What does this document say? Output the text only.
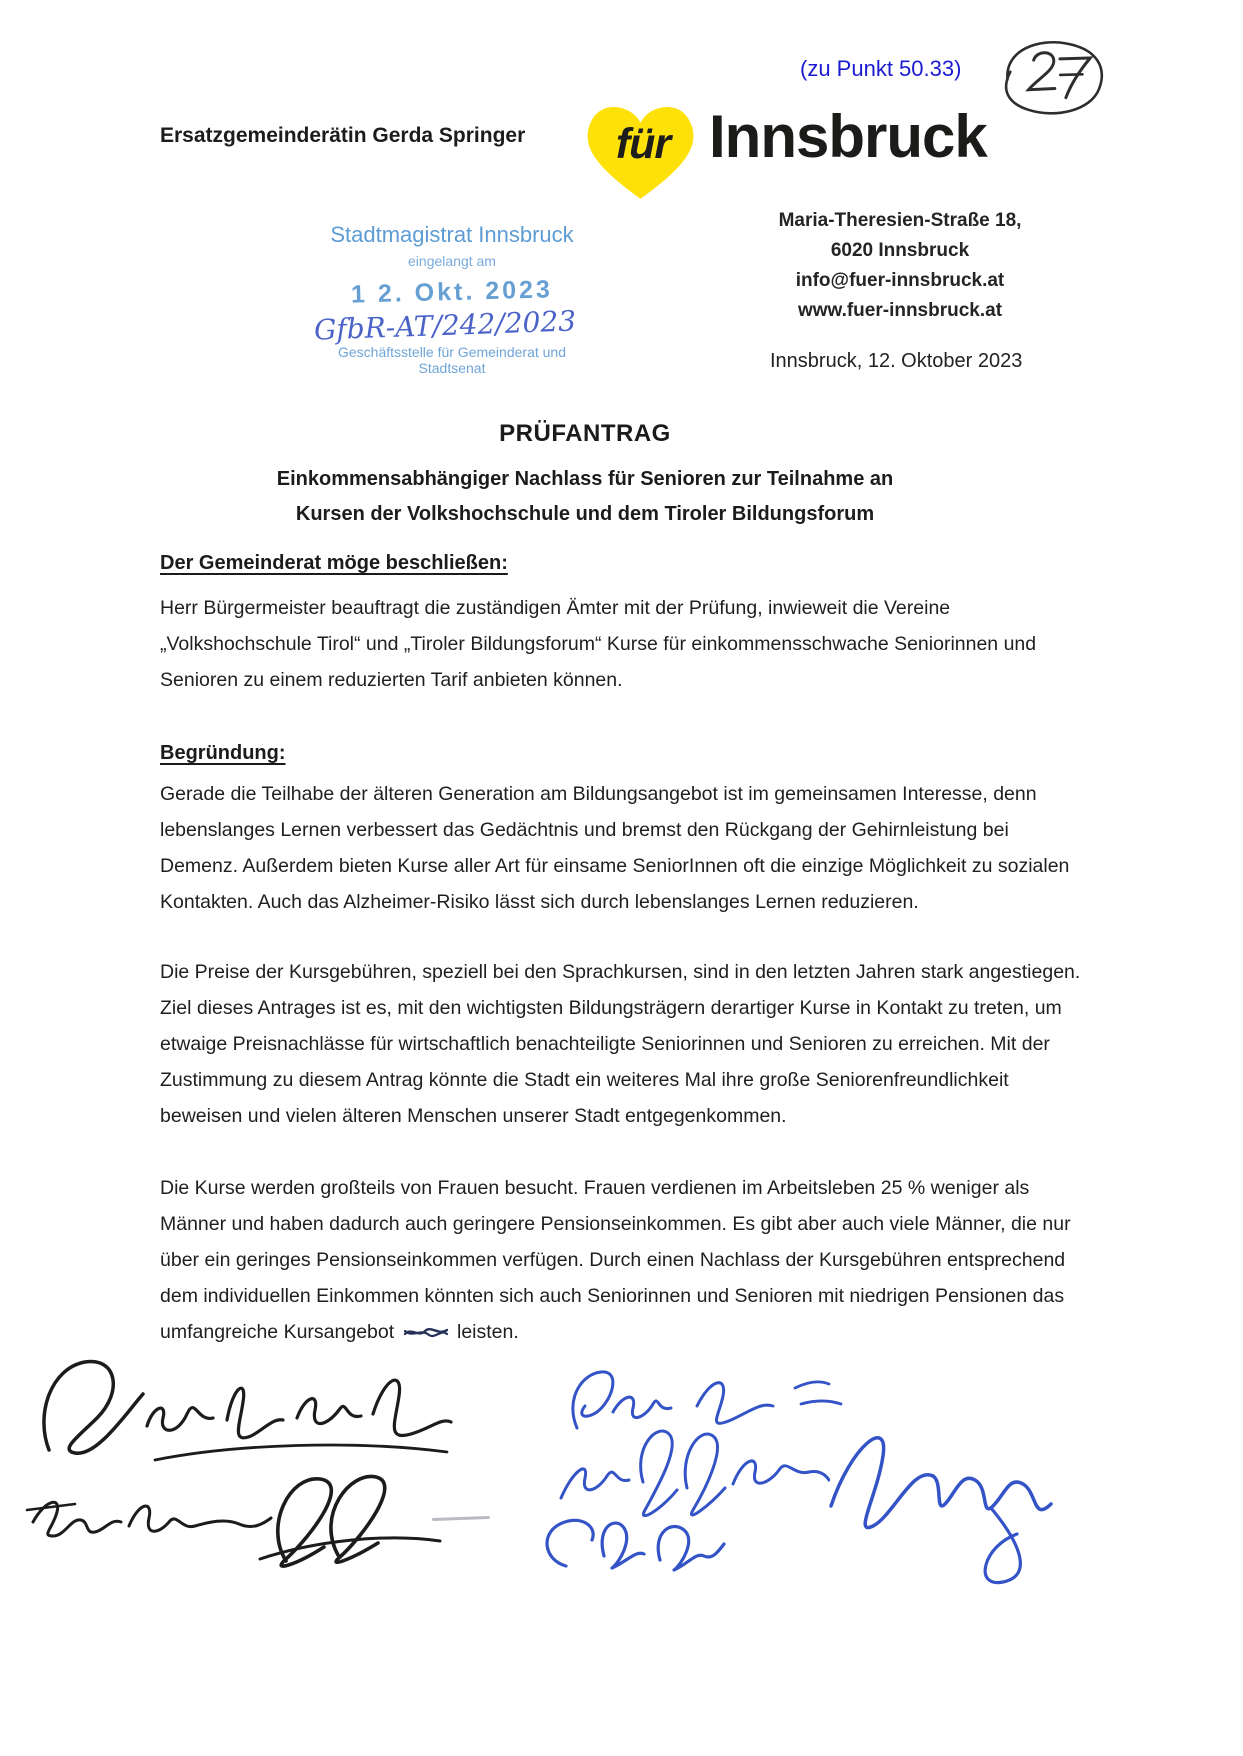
(zu Punkt 50.33)
Ersatzgemeinderätin Gerda Springer	für Innsbruck
Stadtmagistrat Innsbruck
eingelangt am
1 2. Okt. 2023
GfbR-AT/242/2023
Geschäftsstelle für Gemeinderat und Stadtsenat
Maria-Theresien-Straße 18,
6020 Innsbruck
info@fuer-innsbruck.at
www.fuer-innsbruck.at
Innsbruck, 12. Oktober 2023
PRÜFANTRAG
Einkommensabhängiger Nachlass für Senioren zur Teilnahme an
Kursen der Volkshochschule und dem Tiroler Bildungsforum
Der Gemeinderat möge beschließen:

Herr Bürgermeister beauftragt die zuständigen Ämter mit der Prüfung, inwieweit die Vereine „Volkshochschule Tirol“ und „Tiroler Bildungsforum“ Kurse für einkommensschwache Seniorinnen und Senioren zu einem reduzierten Tarif anbieten können.

Begründung:

Gerade die Teilhabe der älteren Generation am Bildungsangebot ist im gemeinsamen Interesse, denn lebenslanges Lernen verbessert das Gedächtnis und bremst den Rückgang der Gehirnleistung bei Demenz. Außerdem bieten Kurse aller Art für einsame SeniorInnen oft die einzige Möglichkeit zu sozialen Kontakten. Auch das Alzheimer-Risiko lässt sich durch lebenslanges Lernen reduzieren.

Die Preise der Kursgebühren, speziell bei den Sprachkursen, sind in den letzten Jahren stark angestiegen. Ziel dieses Antrages ist es, mit den wichtigsten Bildungsträgern derartiger Kurse in Kontakt zu treten, um etwaige Preisnachlässe für wirtschaftlich benachteiligte Seniorinnen und Senioren zu erreichen. Mit der Zustimmung zu diesem Antrag könnte die Stadt ein weiteres Mal ihre große Seniorenfreundlichkeit beweisen und vielen älteren Menschen unserer Stadt entgegenkommen.

Die Kurse werden großteils von Frauen besucht. Frauen verdienen im Arbeitsleben 25 % weniger als Männer und haben dadurch auch geringere Pensionseinkommen. Es gibt aber auch viele Männer, die nur über ein geringes Pensionseinkommen verfügen. Durch einen Nachlass der Kursgebühren entsprechend dem individuellen Einkommen könnten sich auch Seniorinnen und Senioren mit niedrigen Pensionen das umfangreiche Kursangebot	leisten.
